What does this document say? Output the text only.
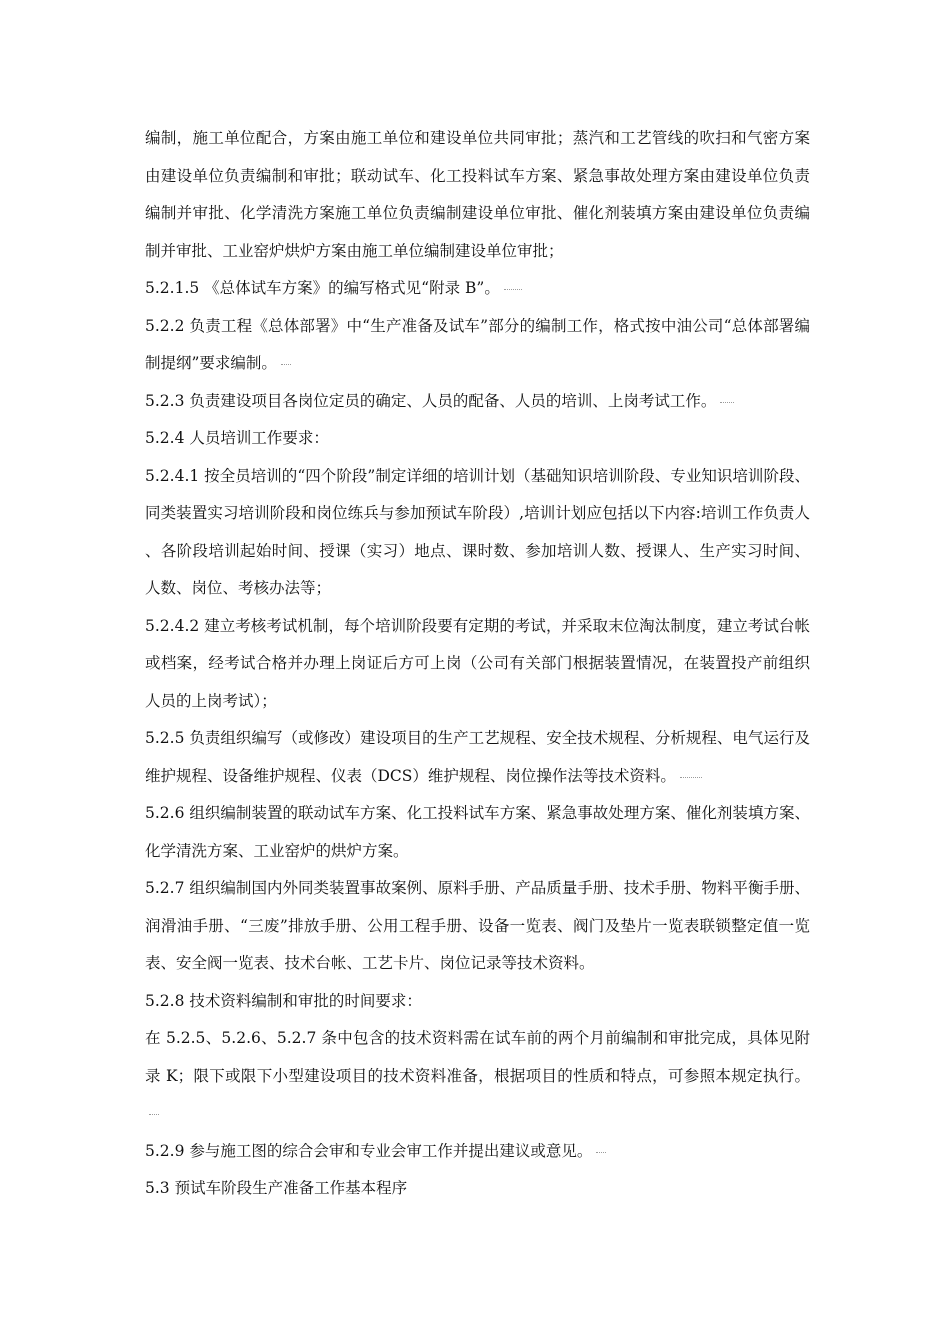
编制，施工单位配合，方案由施工单位和建设单位共同审批；蒸汽和工艺管线的吹扫和气密方案由建设单位负责编制和审批；联动试车、化工投料试车方案、紧急事故处理方案由建设单位负责编制并审批、化学清洗方案施工单位负责编制建设单位审批、催化剂装填方案由建设单位负责编制并审批、工业窑炉烘炉方案由施工单位编制建设单位审批；

5.2.1.5 《总体试车方案》的编写格式见“附录 B”。

5.2.2 负责工程《总体部署》中“生产准备及试车”部分的编制工作，格式按中油公司“总体部署编制提纲”要求编制。

5.2.3 负责建设项目各岗位定员的确定、人员的配备、人员的培训、上岗考试工作。

5.2.4 人员培训工作要求：

5.2.4.1 按全员培训的“四个阶段”制定详细的培训计划（基础知识培训阶段、专业知识培训阶段、同类装置实习培训阶段和岗位练兵与参加预试车阶段）,培训计划应包括以下内容:培训工作负责人、各阶段培训起始时间、授课（实习）地点、课时数、参加培训人数、授课人、生产实习时间、人数、岗位、考核办法等；

5.2.4.2 建立考核考试机制，每个培训阶段要有定期的考试，并采取末位淘汰制度，建立考试台帐或档案，经考试合格并办理上岗证后方可上岗（公司有关部门根据装置情况，在装置投产前组织人员的上岗考试）；

5.2.5 负责组织编写（或修改）建设项目的生产工艺规程、安全技术规程、分析规程、电气运行及维护规程、设备维护规程、仪表（DCS）维护规程、岗位操作法等技术资料。

5.2.6 组织编制装置的联动试车方案、化工投料试车方案、紧急事故处理方案、催化剂装填方案、化学清洗方案、工业窑炉的烘炉方案。

5.2.7 组织编制国内外同类装置事故案例、原料手册、产品质量手册、技术手册、物料平衡手册、润滑油手册、“三废”排放手册、公用工程手册、设备一览表、阀门及垫片一览表联锁整定值一览表、安全阀一览表、技术台帐、工艺卡片、岗位记录等技术资料。

5.2.8 技术资料编制和审批的时间要求：

在 5.2.5、5.2.6、5.2.7 条中包含的技术资料需在试车前的两个月前编制和审批完成，具体见附录 K；限下或限下小型建设项目的技术资料准备，根据项目的性质和特点，可参照本规定执行。

5.2.9 参与施工图的综合会审和专业会审工作并提出建议或意见。

5.3 预试车阶段生产准备工作基本程序
